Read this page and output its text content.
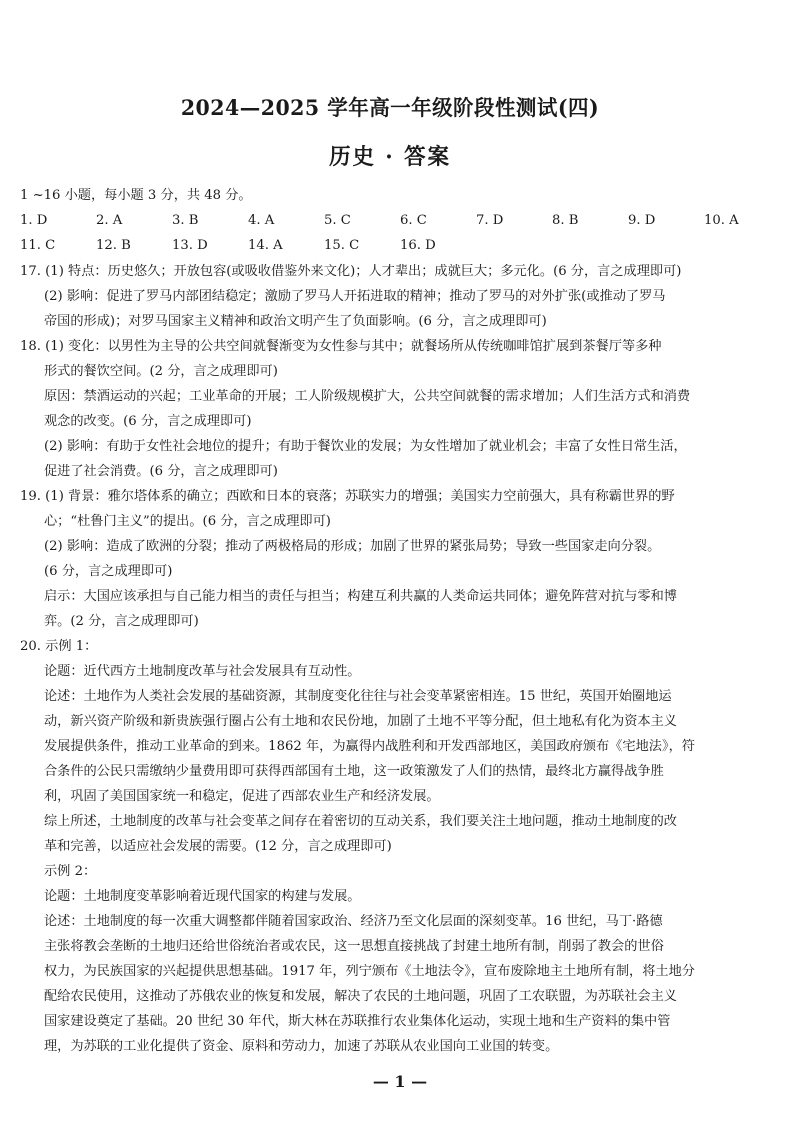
2024—2025 学年高一年级阶段性测试(四)
历史 · 答案
1 ~16 小题，每小题 3 分，共 48 分。
1. D	2. A	3. B	4. A	5. C	6. C	7. D	8. B	9. D	10. A
11. C	12. B	13. D	14. A	15. C	16. D
17. (1) 特点：历史悠久；开放包容(或吸收借鉴外来文化)；人才辈出；成就巨大；多元化。(6 分，言之成理即可)
(2) 影响：促进了罗马内部团结稳定；激励了罗马人开拓进取的精神；推动了罗马的对外扩张(或推动了罗马
帝国的形成)；对罗马国家主义精神和政治文明产生了负面影响。(6 分，言之成理即可)
18. (1) 变化：以男性为主导的公共空间就餐渐变为女性参与其中；就餐场所从传统咖啡馆扩展到茶餐厅等多种
形式的餐饮空间。(2 分，言之成理即可)
原因：禁酒运动的兴起；工业革命的开展；工人阶级规模扩大，公共空间就餐的需求增加；人们生活方式和消费
观念的改变。(6 分，言之成理即可)
(2) 影响：有助于女性社会地位的提升；有助于餐饮业的发展；为女性增加了就业机会；丰富了女性日常生活，
促进了社会消费。(6 分，言之成理即可)
19. (1) 背景：雅尔塔体系的确立；西欧和日本的衰落；苏联实力的增强；美国实力空前强大，具有称霸世界的野
心；“杜鲁门主义”的提出。(6 分，言之成理即可)
(2) 影响：造成了欧洲的分裂；推动了两极格局的形成；加剧了世界的紧张局势；导致一些国家走向分裂。
(6 分，言之成理即可)
启示：大国应该承担与自己能力相当的责任与担当；构建互利共赢的人类命运共同体；避免阵营对抗与零和博
弈。(2 分，言之成理即可)
20. 示例 1：
论题：近代西方土地制度改革与社会发展具有互动性。
论述：土地作为人类社会发展的基础资源，其制度变化往往与社会变革紧密相连。15 世纪，英国开始圈地运
动，新兴资产阶级和新贵族强行圈占公有土地和农民份地，加剧了土地不平等分配，但土地私有化为资本主义
发展提供条件，推动工业革命的到来。1862 年，为赢得内战胜利和开发西部地区，美国政府颁布《宅地法》，符
合条件的公民只需缴纳少量费用即可获得西部国有土地，这一政策激发了人们的热情，最终北方赢得战争胜
利，巩固了美国国家统一和稳定，促进了西部农业生产和经济发展。
综上所述，土地制度的改革与社会变革之间存在着密切的互动关系，我们要关注土地问题，推动土地制度的改
革和完善，以适应社会发展的需要。(12 分，言之成理即可)
示例 2：
论题：土地制度变革影响着近现代国家的构建与发展。
论述：土地制度的每一次重大调整都伴随着国家政治、经济乃至文化层面的深刻变革。16 世纪，马丁·路德
主张将教会垄断的土地归还给世俗统治者或农民，这一思想直接挑战了封建土地所有制，削弱了教会的世俗
权力，为民族国家的兴起提供思想基础。1917 年，列宁颁布《土地法令》，宣布废除地主土地所有制，将土地分
配给农民使用，这推动了苏俄农业的恢复和发展，解决了农民的土地问题，巩固了工农联盟，为苏联社会主义
国家建设奠定了基础。20 世纪 30 年代，斯大林在苏联推行农业集体化运动，实现土地和生产资料的集中管
理，为苏联的工业化提供了资金、原料和劳动力，加速了苏联从农业国向工业国的转变。
— 1 —
